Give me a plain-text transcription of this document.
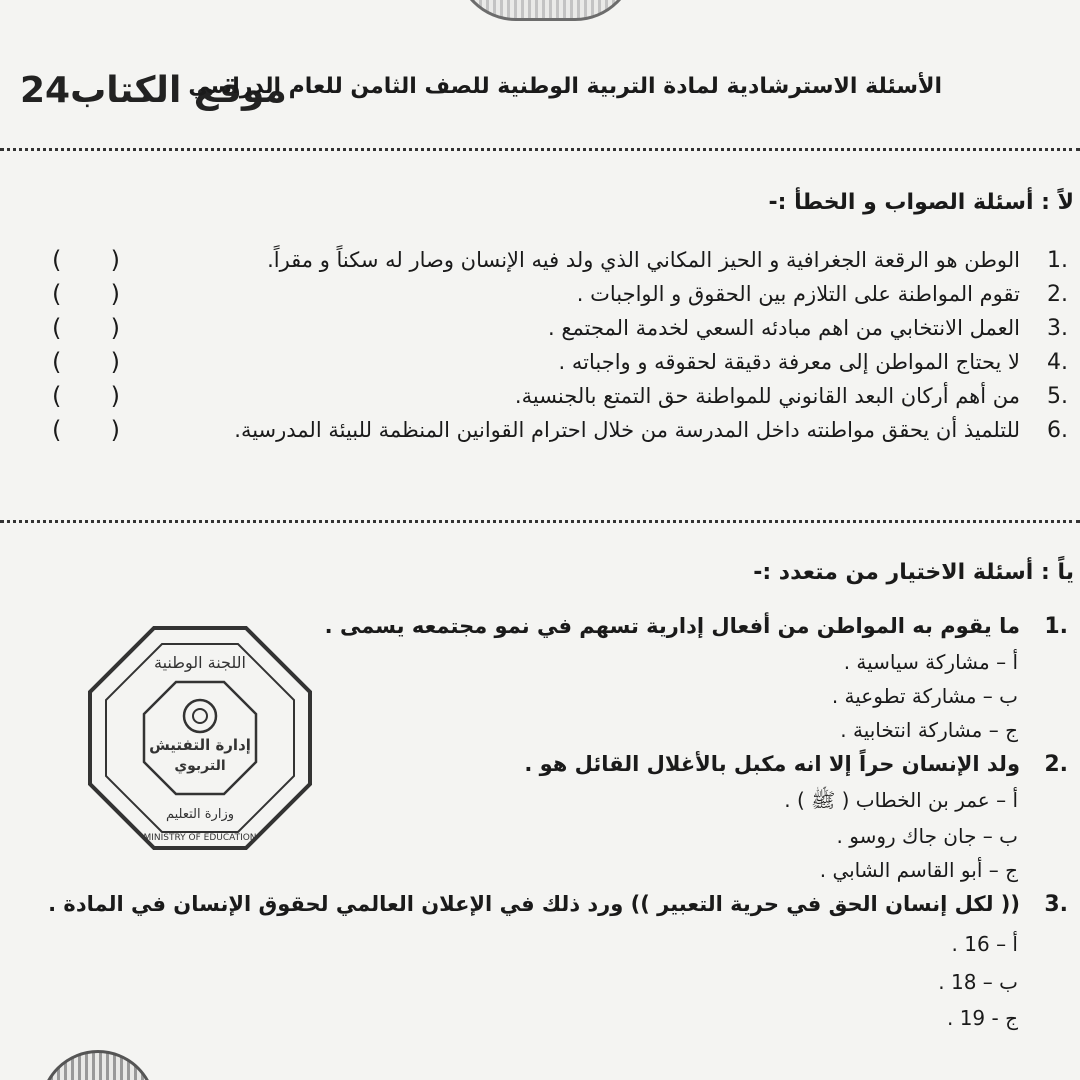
موقع الكتاب24
الأسئلة الاسترشادية لمادة التربية الوطنية للصف الثامن للعام الدراسي
لاً : أسئلة الصواب و الخطأ :-
.1
الوطن هو الرقعة الجغرافية و الحيز المكاني الذي ولد فيه الإنسان وصار له سكناً و مقراً.
( )
.2
تقوم المواطنة على التلازم بين الحقوق و الواجبات .
( )
.3
العمل الانتخابي من اهم مبادئه السعي لخدمة المجتمع .
( )
.4
لا يحتاج المواطن إلى معرفة دقيقة لحقوقه و واجباته .
( )
.5
من أهم أركان البعد القانوني للمواطنة حق التمتع بالجنسية.
( )
.6
للتلميذ أن يحقق مواطنته داخل المدرسة من خلال احترام القوانين المنظمة للبيئة المدرسية.
( )
ياً : أسئلة الاختيار من متعدد :-
.1
ما يقوم به المواطن من أفعال إدارية تسهم في نمو مجتمعه يسمى .
أ – مشاركة سياسية .
ب – مشاركة تطوعية .
ج – مشاركة انتخابية .
.2
ولد الإنسان حراً إلا انه مكبل بالأغلال القائل هو .
أ – عمر بن الخطاب ( ﷺ ) .
ب – جان جاك روسو .
ج – أبو القاسم الشابي .
.3
(( لكل إنسان الحق في حرية التعبير )) ورد ذلك في الإعلان العالمي لحقوق الإنسان في المادة .
أ – 16 .
ب – 18 .
ج - 19 .
اللجنة الوطنية
إدارة التفتيش
التربوي
وزارة التعليم
MINISTRY OF EDUCATION
